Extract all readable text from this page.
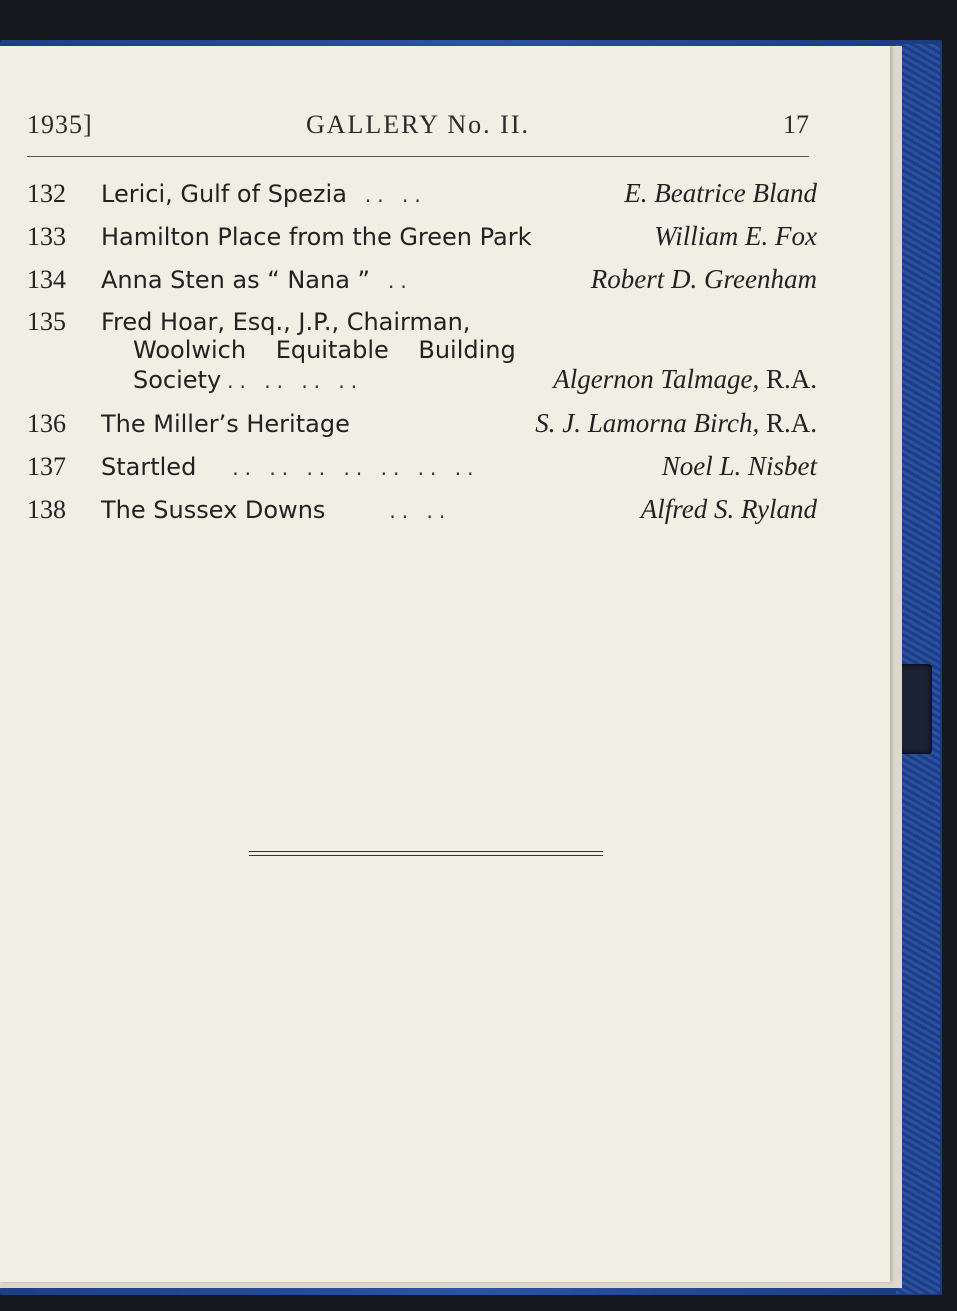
1935]	GALLERY No. II.	17
132	Lerici, Gulf of Spezia .. ..	E. Beatrice Bland
133	Hamilton Place from the Green Park	William E. Fox
134	Anna Sten as “ Nana ” ..	Robert D. Greenham
135	Fred Hoar, Esq., J.P., Chairman,
Woolwich Equitable Building
Society .. .. .. ..	Algernon Talmage, R.A.
136	The Miller’s Heritage	S. J. Lamorna Birch, R.A.
137	Startled	.. .. .. .. .. .. ..	Noel L. Nisbet
138	The Sussex Downs	.. ..	Alfred S. Ryland
